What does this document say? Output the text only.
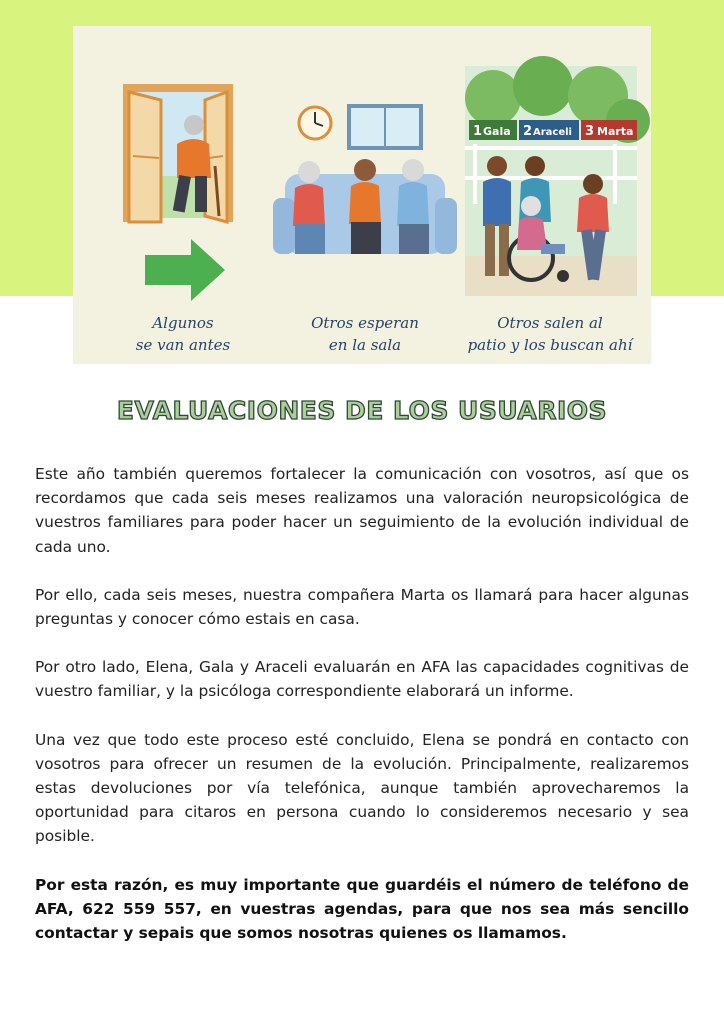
1 Gala 2 Araceli 3 Marta
Algunos
se van antes
Otros esperan
en la sala
Otros salen al
patio y los buscan ahí
EVALUACIONES DE LOS USUARIOS

Este año también queremos fortalecer la comunicación con vosotros, así que os recordamos que cada seis meses realizamos una valoración neuropsicológica de vuestros familiares para poder hacer un seguimiento de la evolución individual de cada uno.

Por ello, cada seis meses, nuestra compañera Marta os llamará para hacer algunas preguntas y conocer cómo estais en casa.

Por otro lado, Elena, Gala y Araceli evaluarán en AFA las capacidades cognitivas de vuestro familiar, y la psicóloga correspondiente elaborará un informe.

Una vez que todo este proceso esté concluido, Elena se pondrá en contacto con vosotros para ofrecer un resumen de la evolución. Principalmente, realizaremos estas devoluciones por vía telefónica, aunque también aprovecharemos la oportunidad para citaros en persona cuando lo consideremos necesario y sea posible.

Por esta razón, es muy importante que guardéis el número de teléfono de AFA, 622 559 557, en vuestras agendas, para que nos sea más sencillo contactar y sepais que somos nosotras quienes os llamamos.
